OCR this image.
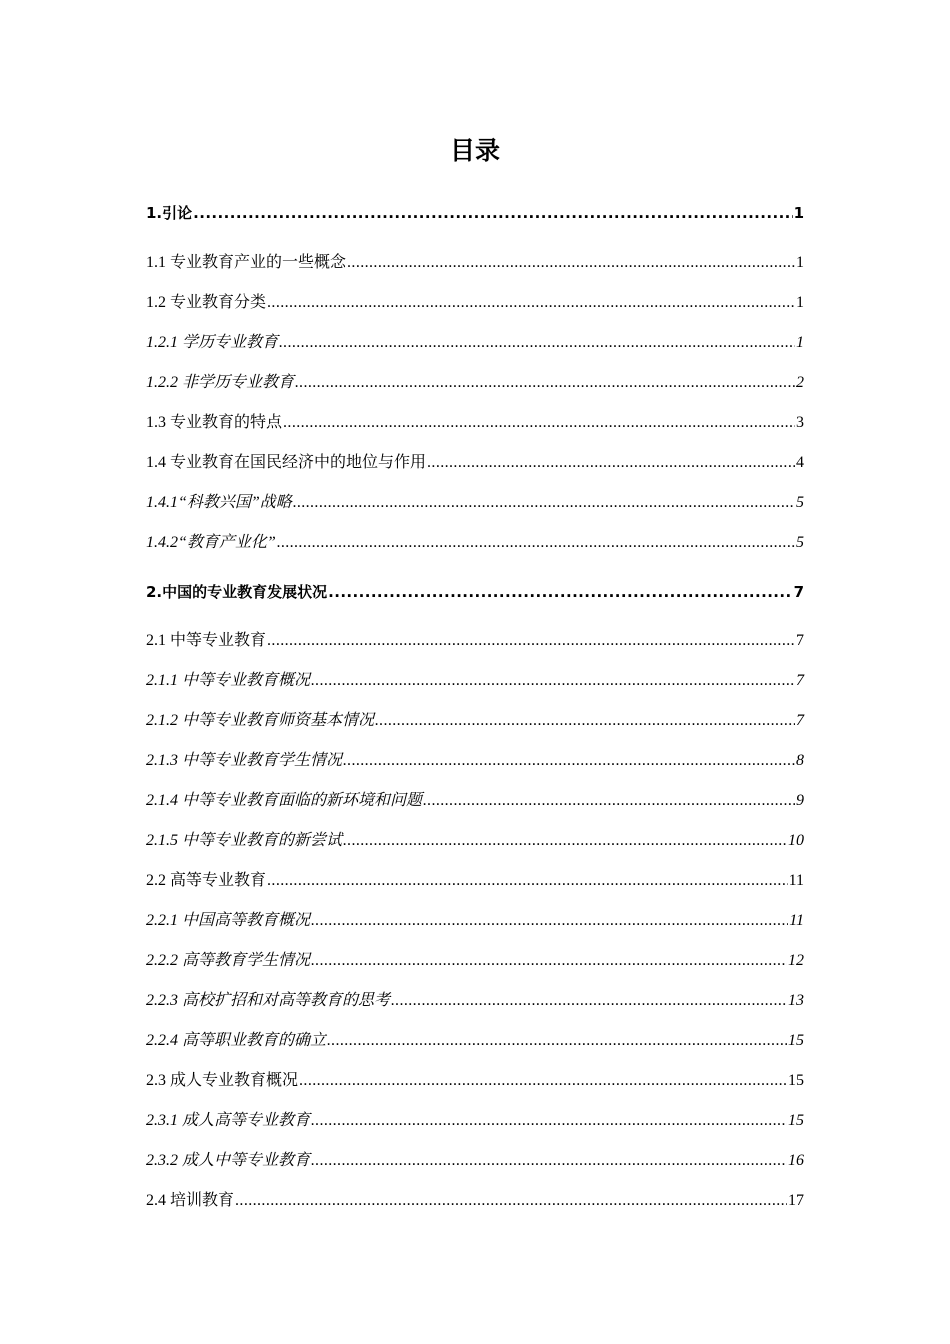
目录
1.引论 .....	1
1.1 专业教育产业的一些概念 .....	1
1.2 专业教育分类 .....	1
1.2.1 学历专业教育 .....	1
1.2.2 非学历专业教育 .....	2
1.3 专业教育的特点 .....	3
1.4 专业教育在国民经济中的地位与作用 .....	4
1.4.1“科教兴国”战略 .....	5
1.4.2“教育产业化” .....	5
2.中国的专业教育发展状况 .....	7
2.1 中等专业教育 .....	7
2.1.1 中等专业教育概况 .....	7
2.1.2 中等专业教育师资基本情况 .....	7
2.1.3 中等专业教育学生情况 .....	8
2.1.4 中等专业教育面临的新环境和问题 .....	9
2.1.5 中等专业教育的新尝试 .....	10
2.2 高等专业教育 .....	11
2.2.1 中国高等教育概况 .....	11
2.2.2 高等教育学生情况 .....	12
2.2.3 高校扩招和对高等教育的思考 .....	13
2.2.4 高等职业教育的确立 .....	15
2.3 成人专业教育概况 .....	15
2.3.1 成人高等专业教育 .....	15
2.3.2 成人中等专业教育 .....	16
2.4 培训教育 .....	17
